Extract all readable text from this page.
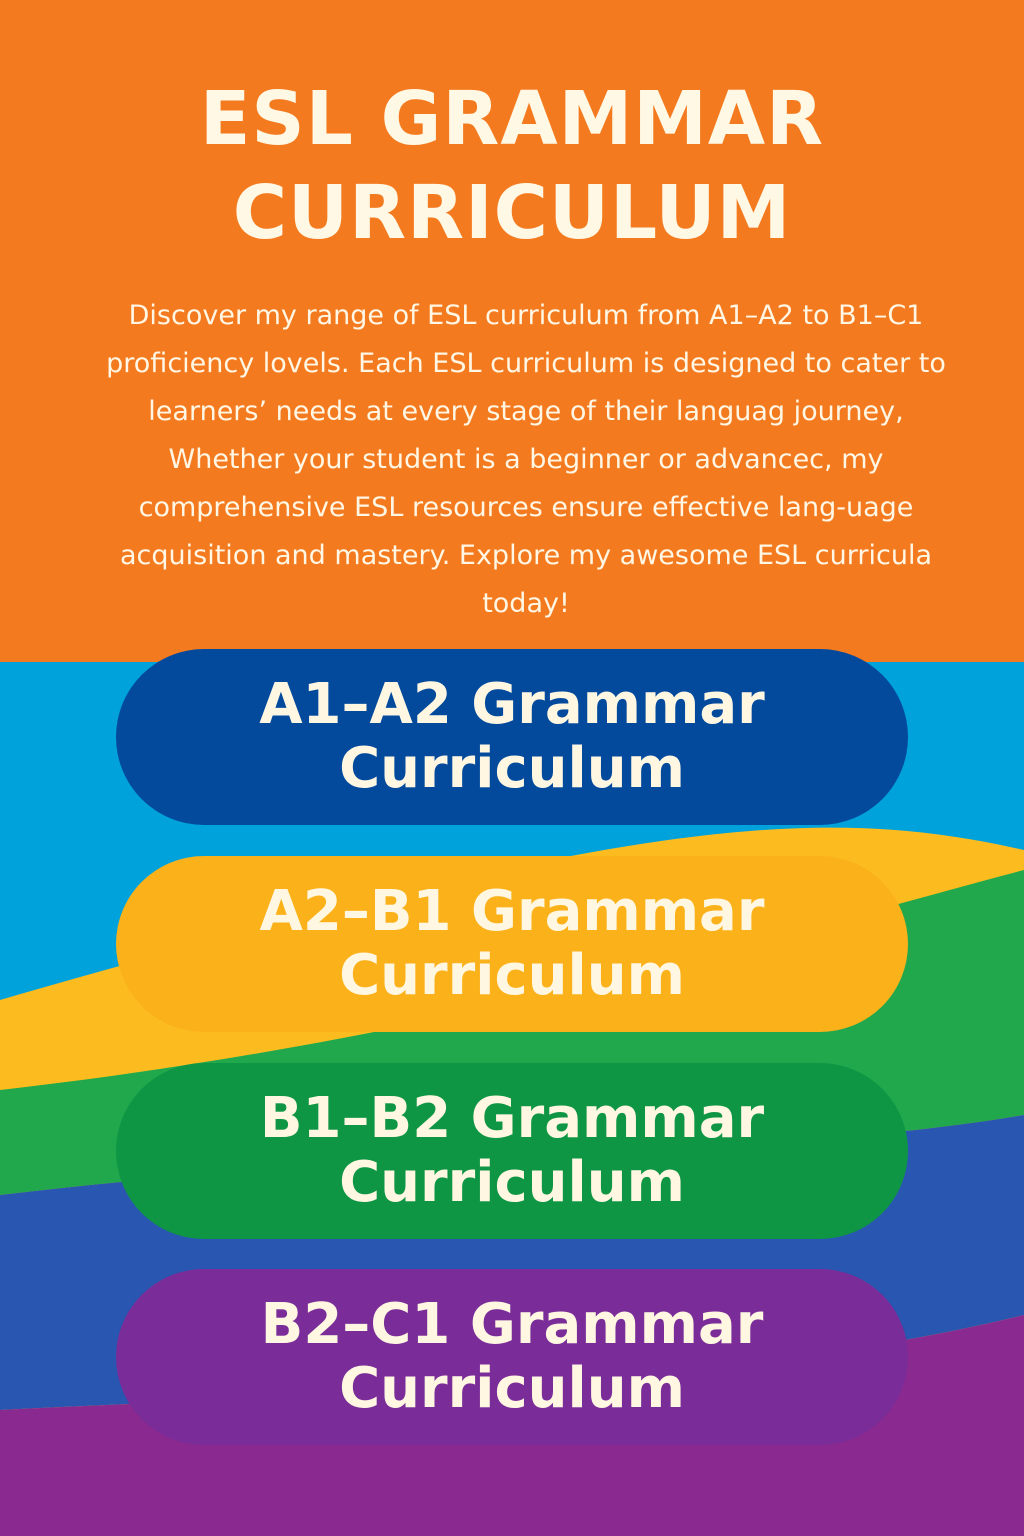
ESL GRAMMAR
CURRICULUM

Discover my range of ESL curriculum from A1–A2 to B1–C1 proficiency lovels. Each ESL curriculum is designed to cater to learners’ needs at every stage of their languag journey, Whether your student is a beginner or advancec, my comprehensive ESL resources ensure effective lang-uage acquisition and mastery. Explore my awesome ESL curricula today!

A1–A2 Grammar Curriculum
A2–B1 Grammar Curriculum
B1–B2 Grammar Curriculum
B2–C1 Grammar Curriculum
